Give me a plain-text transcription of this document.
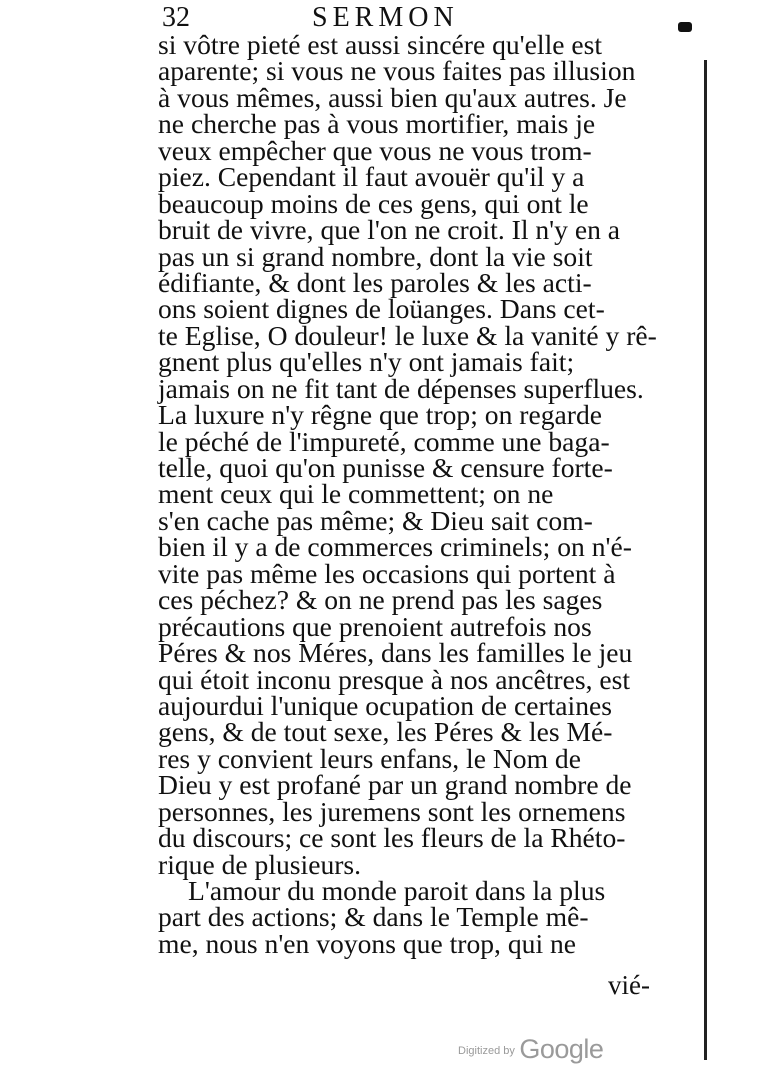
32	SERMON
si vôtre pieté est aussi sincére qu'elle est
aparente; si vous ne vous faites pas illusion
à vous mêmes, aussi bien qu'aux autres. Je
ne cherche pas à vous mortifier, mais je
veux empêcher que vous ne vous trom-
piez. Cependant il faut avouër qu'il y a
beaucoup moins de ces gens, qui ont le
bruit de vivre, que l'on ne croit. Il n'y en a
pas un si grand nombre, dont la vie soit
édifiante, & dont les paroles & les acti-
ons soient dignes de loüanges. Dans cet-
te Eglise, O douleur! le luxe & la vanité y rê-
gnent plus qu'elles n'y ont jamais fait;
jamais on ne fit tant de dépenses superflues.
La luxure n'y rêgne que trop; on regarde
le péché de l'impureté, comme une baga-
telle, quoi qu'on punisse & censure forte-
ment ceux qui le commettent; on ne
s'en cache pas même; & Dieu sait com-
bien il y a de commerces criminels; on n'é-
vite pas même les occasions qui portent à
ces péchez? & on ne prend pas les sages
précautions que prenoient autrefois nos
Péres & nos Méres, dans les familles le jeu
qui étoit inconu presque à nos ancêtres, est
aujourdui l'unique ocupation de certaines
gens, & de tout sexe, les Péres & les Mé-
res y convient leurs enfans, le Nom de
Dieu y est profané par un grand nombre de
personnes, les juremens sont les ornemens
du discours; ce sont les fleurs de la Rhéto-
rique de plusieurs.
L'amour du monde paroit dans la plus
part des actions; & dans le Temple mê-
me, nous n'en voyons que trop, qui ne
vié-
$^{Digitized by}$ Google
